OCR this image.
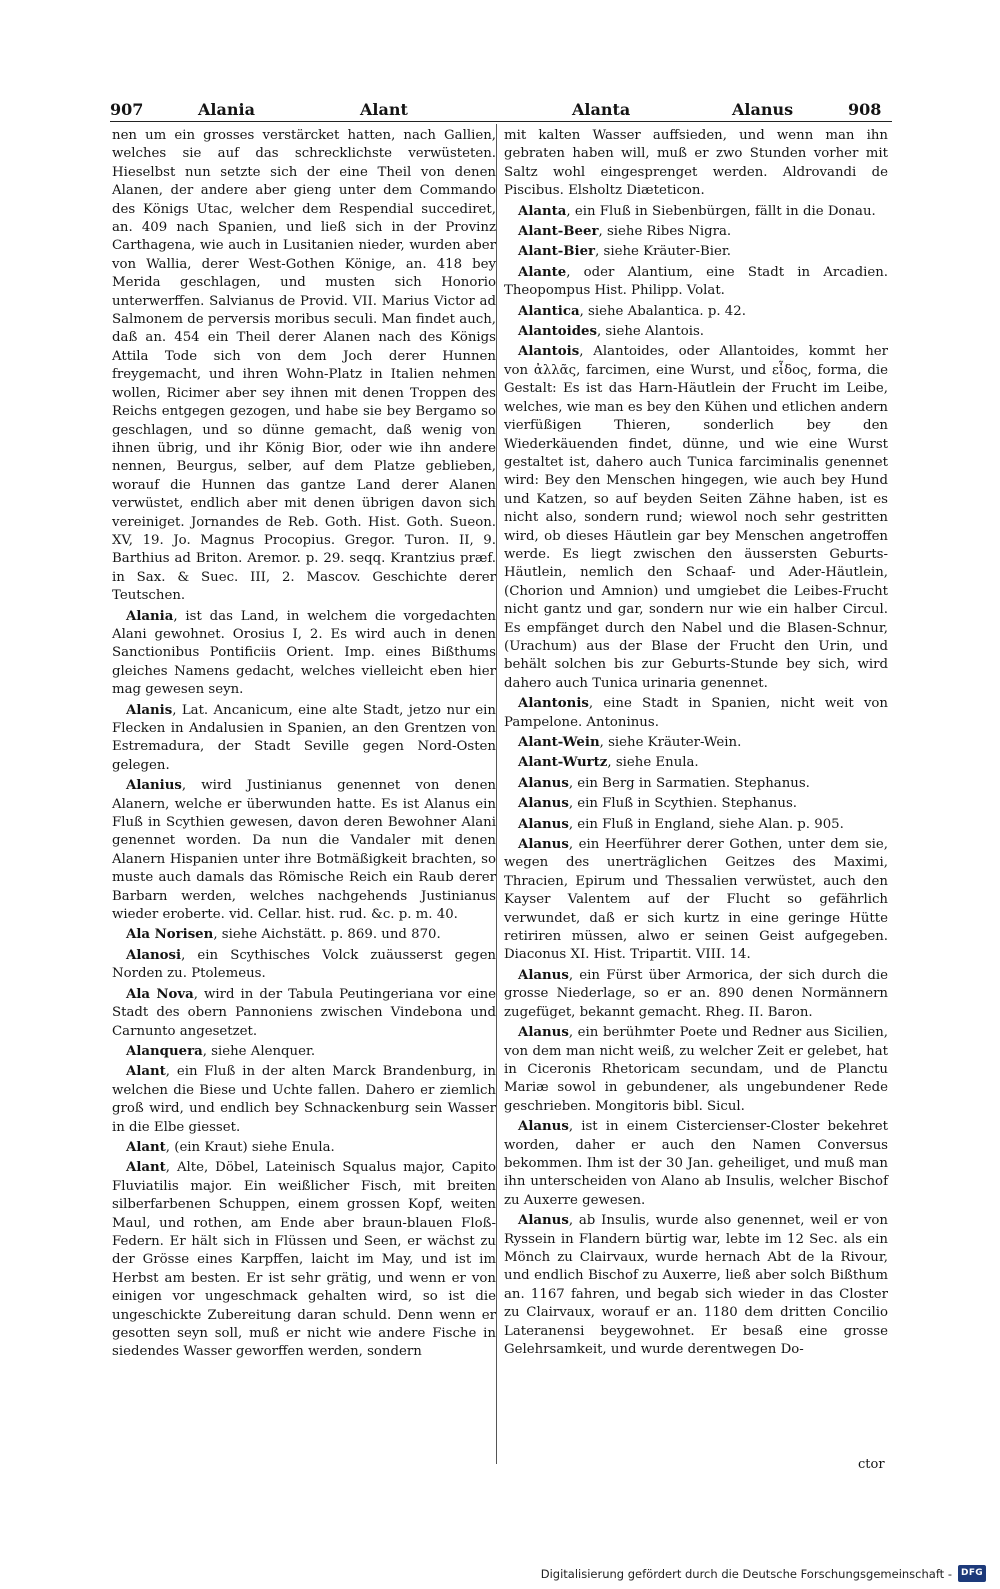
907	Alania	Alant	Alanta	Alanus	908

nen um ein grosses verstärcket hatten, nach Gallien, welches sie auf das schrecklichste verwüsteten. Hieselbst nun setzte sich der eine Theil von denen Alanen, der andere aber gieng unter dem Commando des Königs Utac, welcher dem Respendial succediret, an. 409 nach Spanien, und ließ sich in der Provinz Carthagena, wie auch in Lusitanien nieder, wurden aber von Wallia, derer West-Gothen Könige, an. 418 bey Merida geschlagen, und musten sich Honorio unterwerffen. Salvianus de Provid. VII. Marius Victor ad Salmonem de perversis moribus seculi. Man findet auch, daß an. 454 ein Theil derer Alanen nach des Königs Attila Tode sich von dem Joch derer Hunnen freygemacht, und ihren Wohn-Platz in Italien nehmen wollen, Ricimer aber sey ihnen mit denen Troppen des Reichs entgegen gezogen, und habe sie bey Bergamo so geschlagen, und so dünne gemacht, daß wenig von ihnen übrig, und ihr König Bior, oder wie ihn andere nennen, Beurgus, selber, auf dem Platze geblieben, worauf die Hunnen das gantze Land derer Alanen verwüstet, endlich aber mit denen übrigen davon sich vereiniget. Jornandes de Reb. Goth. Hist. Goth. Sueon. XV, 19. Jo. Magnus Procopius. Gregor. Turon. II, 9. Barthius ad Briton. Aremor. p. 29. seqq. Krantzius præf. in Sax. & Suec. III, 2. Mascov. Geschichte derer Teutschen.

Alania, ist das Land, in welchem die vorgedachten Alani gewohnet. Orosius I, 2. Es wird auch in denen Sanctionibus Pontificiis Orient. Imp. eines Bißthums gleiches Namens gedacht, welches vielleicht eben hier mag gewesen seyn.

Alanis, Lat. Ancanicum, eine alte Stadt, jetzo nur ein Flecken in Andalusien in Spanien, an den Grentzen von Estremadura, der Stadt Seville gegen Nord-Osten gelegen.

Alanius, wird Justinianus genennet von denen Alanern, welche er überwunden hatte. Es ist Alanus ein Fluß in Scythien gewesen, davon deren Bewohner Alani genennet worden. Da nun die Vandaler mit denen Alanern Hispanien unter ihre Botmäßigkeit brachten, so muste auch damals das Römische Reich ein Raub derer Barbarn werden, welches nachgehends Justinianus wieder eroberte. vid. Cellar. hist. rud. &c. p. m. 40.

Ala Norisen, siehe Aichstätt. p. 869. und 870.

Alanosi, ein Scythisches Volck zuäusserst gegen Norden zu. Ptolemeus.

Ala Nova, wird in der Tabula Peutingeriana vor eine Stadt des obern Pannoniens zwischen Vindebona und Carnunto angesetzet.

Alanquera, siehe Alenquer.

Alant, ein Fluß in der alten Marck Brandenburg, in welchen die Biese und Uchte fallen. Dahero er ziemlich groß wird, und endlich bey Schnackenburg sein Wasser in die Elbe giesset.

Alant, (ein Kraut) siehe Enula.

Alant, Alte, Döbel, Lateinisch Squalus major, Capito Fluviatilis major. Ein weißlicher Fisch, mit breiten silberfarbenen Schuppen, einem grossen Kopf, weiten Maul, und rothen, am Ende aber braun-blauen Floß-Federn. Er hält sich in Flüssen und Seen, er wächst zu der Grösse eines Karpffen, laicht im May, und ist im Herbst am besten. Er ist sehr grätig, und wenn er von einigen vor ungeschmack gehalten wird, so ist die ungeschickte Zubereitung daran schuld. Denn wenn er gesotten seyn soll, muß er nicht wie andere Fische in siedendes Wasser geworffen werden, sondern

mit kalten Wasser auffsieden, und wenn man ihn gebraten haben will, muß er zwo Stunden vorher mit Saltz wohl eingesprenget werden. Aldrovandi de Piscibus. Elsholtz Diæteticon.

Alanta, ein Fluß in Siebenbürgen, fällt in die Donau.

Alant-Beer, siehe Ribes Nigra.

Alant-Bier, siehe Kräuter-Bier.

Alante, oder Alantium, eine Stadt in Arcadien. Theopompus Hist. Philipp. Volat.

Alantica, siehe Abalantica. p. 42.

Alantoides, siehe Alantois.

Alantois, Alantoides, oder Allantoides, kommt her von ἀλλᾶς, farcimen, eine Wurst, und εἶδος, forma, die Gestalt: Es ist das Harn-Häutlein der Frucht im Leibe, welches, wie man es bey den Kühen und etlichen andern vierfüßigen Thieren, sonderlich bey den Wiederkäuenden findet, dünne, und wie eine Wurst gestaltet ist, dahero auch Tunica farciminalis genennet wird: Bey den Menschen hingegen, wie auch bey Hund und Katzen, so auf beyden Seiten Zähne haben, ist es nicht also, sondern rund; wiewol noch sehr gestritten wird, ob dieses Häutlein gar bey Menschen angetroffen werde. Es liegt zwischen den äussersten Geburts-Häutlein, nemlich den Schaaf- und Ader-Häutlein, (Chorion und Amnion) und umgiebet die Leibes-Frucht nicht gantz und gar, sondern nur wie ein halber Circul. Es empfänget durch den Nabel und die Blasen-Schnur, (Urachum) aus der Blase der Frucht den Urin, und behält solchen bis zur Geburts-Stunde bey sich, wird dahero auch Tunica urinaria genennet.

Alantonis, eine Stadt in Spanien, nicht weit von Pampelone. Antoninus.

Alant-Wein, siehe Kräuter-Wein.

Alant-Wurtz, siehe Enula.

Alanus, ein Berg in Sarmatien. Stephanus.

Alanus, ein Fluß in Scythien. Stephanus.

Alanus, ein Fluß in England, siehe Alan. p. 905.

Alanus, ein Heerführer derer Gothen, unter dem sie, wegen des unerträglichen Geitzes des Maximi, Thracien, Epirum und Thessalien verwüstet, auch den Kayser Valentem auf der Flucht so gefährlich verwundet, daß er sich kurtz in eine geringe Hütte retiriren müssen, alwo er seinen Geist aufgegeben. Diaconus XI. Hist. Tripartit. VIII. 14.

Alanus, ein Fürst über Armorica, der sich durch die grosse Niederlage, so er an. 890 denen Normännern zugefüget, bekannt gemacht. Rheg. II. Baron.

Alanus, ein berühmter Poete und Redner aus Sicilien, von dem man nicht weiß, zu welcher Zeit er gelebet, hat in Ciceronis Rhetoricam secundam, und de Planctu Mariæ sowol in gebundener, als ungebundener Rede geschrieben. Mongitoris bibl. Sicul.

Alanus, ist in einem Cistercienser-Closter bekehret worden, daher er auch den Namen Conversus bekommen. Ihm ist der 30 Jan. geheiliget, und muß man ihn unterscheiden von Alano ab Insulis, welcher Bischof zu Auxerre gewesen.

Alanus, ab Insulis, wurde also genennet, weil er von Ryssein in Flandern bürtig war, lebte im 12 Sec. als ein Mönch zu Clairvaux, wurde hernach Abt de la Rivour, und endlich Bischof zu Auxerre, ließ aber solch Bißthum an. 1167 fahren, und begab sich wieder in das Closter zu Clairvaux, worauf er an. 1180 dem dritten Concilio Lateranensi beygewohnet. Er besaß eine grosse Gelehrsamkeit, und wurde derentwegen Do-

ctor
Digitalisierung gefördert durch die Deutsche Forschungsgemeinschaft -	DFG
